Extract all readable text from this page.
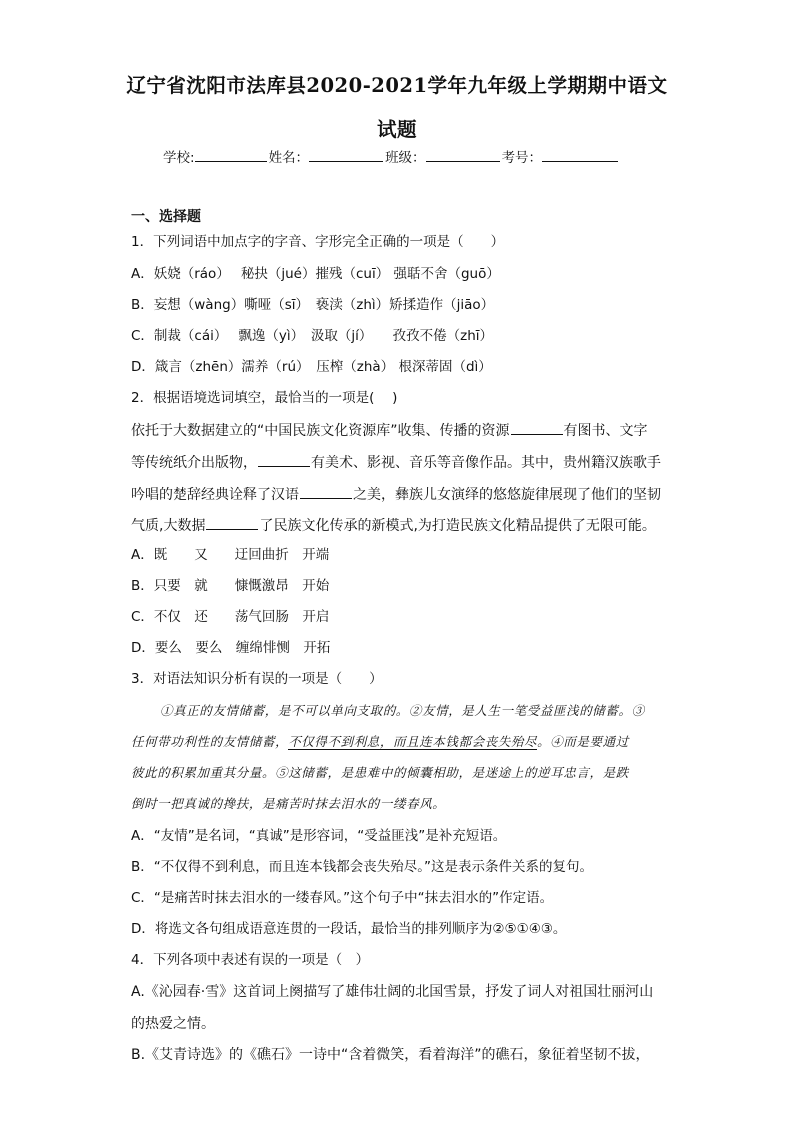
辽宁省沈阳市法库县2020-2021学年九年级上学期期中语文
试题
学校:	姓名：	班级：	考号：
一、选择题
1．下列词语中加点字的字音、字形完全正确的一项是（　　）
A．妖娆（ráo）　 秘抉（jué）摧残（cuī） 强聒不舍（guō）
B．妄想（wàng）嘶哑（sī）　亵渎（zhì）矫揉造作（jiāo）
C．制裁（cái）　 飘逸（yì）　汲取（jí）　　孜孜不倦（zhī）
D．箴言（zhēn）濡养（rú）　压榨（zhà） 根深蒂固（dì）
2．根据语境选词填空，最恰当的一项是(　 )
依托于大数据建立的“中国民族文化资源库”收集、传播的资源	有图书、文字
等传统纸介出版物，	有美术、影视、音乐等音像作品。其中，贵州籍汉族歌手
吟唱的楚辞经典诠释了汉语	之美，彝族儿女演绎的悠悠旋律展现了他们的坚韧
气质,大数据	了民族文化传承的新模式,为打造民族文化精品提供了无限可能。
A．既　　又　　迂回曲折　开端
B．只要　就　　慷慨激昂　开始
C．不仅　还　　荡气回肠　开启
D．要么　要么　缠绵悱恻　开拓
3．对语法知识分析有误的一项是（　　）
①真正的友情储蓄，是不可以单向支取的。②友情，是人生一笔受益匪浅的储蓄。③
任何带功利性的友情储蓄，不仅得不到利息，而且连本钱都会丧失殆尽。④而是要通过
彼此的积累加重其分量。⑤这储蓄，是患难中的倾囊相助，是迷途上的逆耳忠言，是跌
倒时一把真诚的搀扶，是痛苦时抹去泪水的一缕春风。
A．“友情”是名词，“真诚”是形容词，“受益匪浅”是补充短语。
B．“不仅得不到利息，而且连本钱都会丧失殆尽。”这是表示条件关系的复句。
C．“是痛苦时抹去泪水的一缕春风。”这个句子中“抹去泪水的”作定语。
D．将选文各句组成语意连贯的一段话，最恰当的排列顺序为②⑤①④③。
4．下列各项中表述有误的一项是（　）
A.《沁园春·雪》这首词上阕描写了雄伟壮阔的北国雪景，抒发了词人对祖国壮丽河山
的热爱之情。
B.《艾青诗选》的《礁石》一诗中“含着微笑，看着海洋”的礁石，象征着坚韧不拔，
